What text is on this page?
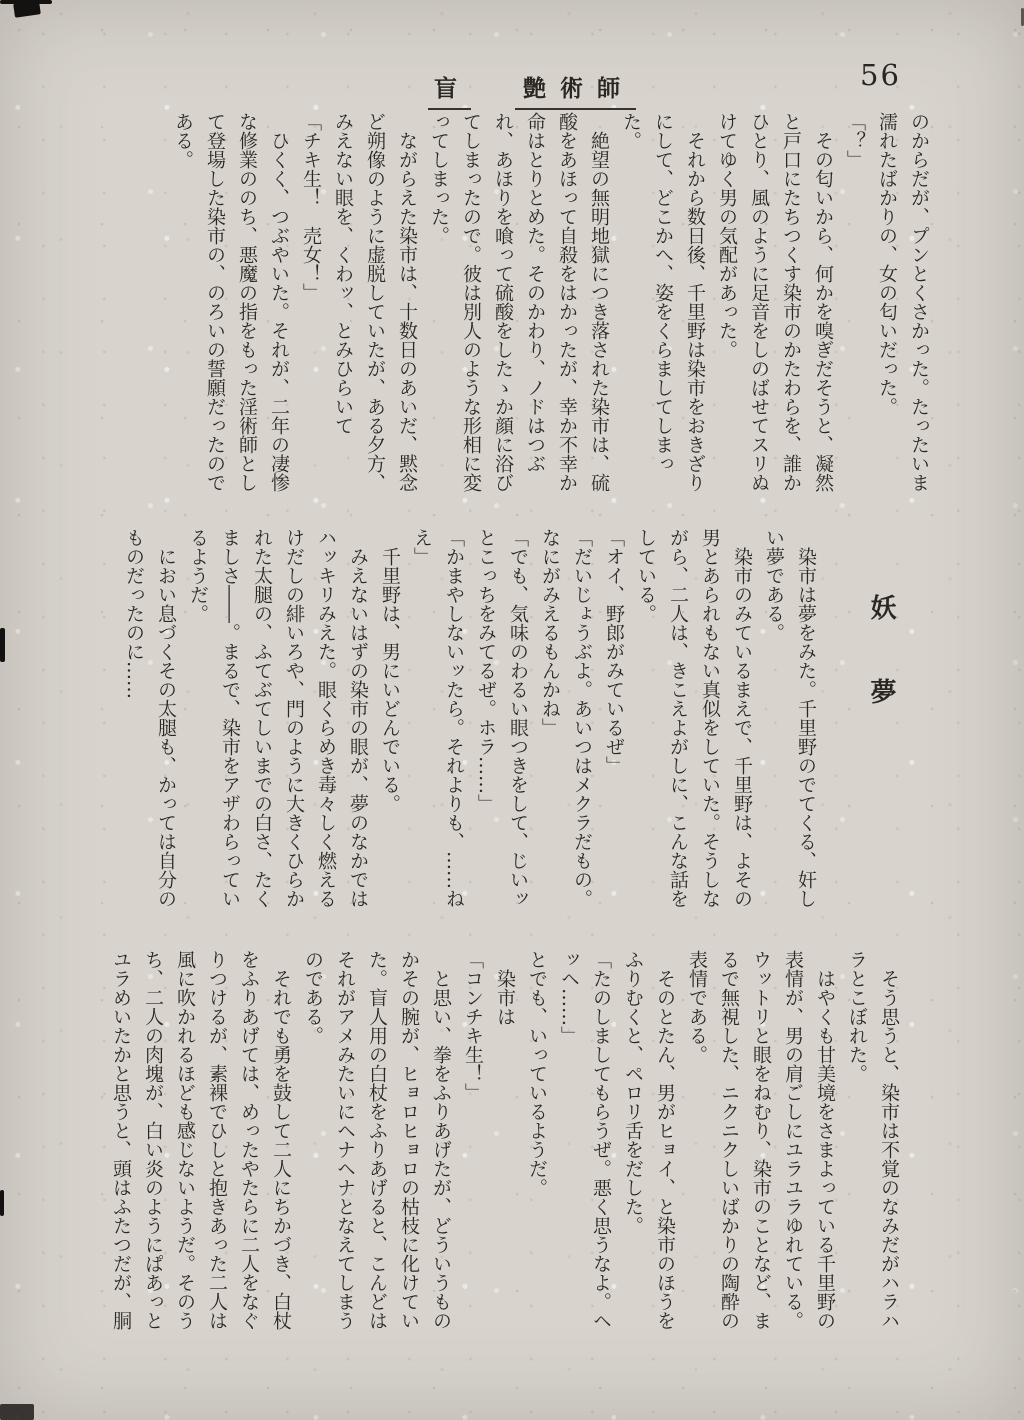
盲	艶術師	56
のからだが、プンとくさかった。たったいま
濡れたばかりの、女の匂いだった。
「？」
その匂いから、何かを嗅ぎだそうと、凝然
と戸口にたちつくす染市のかたわらを、誰か
ひとり、風のように足音をしのばせてスリぬ
けてゆく男の気配があった。
それから数日後、千里野は染市をおきざり
にして、どこかへ、姿をくらましてしまっ
た。
絶望の無明地獄につき落された染市は、硫
酸をあほって自殺をはかったが、幸か不幸か
命はとりとめた。そのかわり、ノドはつぶ
れ、あほりを喰って硫酸をしたゝか顔に浴び
てしまったので。彼は別人のような形相に変
ってしまった。
ながらえた染市は、十数日のあいだ、黙念
ど朔像のように虚脱していたが、ある夕方、
みえない眼を、くわッ、とみひらいて
「チキ生！　売女！」
ひくく、つぶやいた。それが、二年の凄惨
な修業ののち、悪魔の指をもった淫術師とし
て登場した染市の、のろいの誓願だったので
ある。
妖　夢
染市は夢をみた。千里野のでてくる、奸し
い夢である。
染市のみているまえで、千里野は、よその
男とあられもない真似をしていた。そうしな
がら、二人は、きこえよがしに、こんな話を
している。
「オイ、野郎がみているぜ」
「だいじょうぶよ。あいつはメクラだもの。
なにがみえるもんかね」
「でも、気味のわるい眼つきをして、じいッ
とこっちをみてるぜ。ホラ……」
「かまやしないッたら。それよりも、……ね
え」
千里野は、男にいどんでいる。
みえないはずの染市の眼が、夢のなかでは
ハッキリみえた。眼くらめき毒々しく燃える
けだしの緋いろや、門のように大きくひらか
れた太腿の、ふてぶてしいまでの白さ、たく
ましさ――。まるで、染市をアザわらってい
るようだ。
におい息づくその太腿も、かっては自分の
ものだったのに……
そう思うと、染市は不覚のなみだがハラハ
ラとこぼれた。
はやくも甘美境をさまよっている千里野の
表情が、男の肩ごしにユラユラゆれている。
ウットリと眼をねむり、染市のことなど、ま
るで無視した、ニクニクしいばかりの陶酔の
表情である。
そのとたん、男がヒョイ、と染市のほうを
ふりむくと、ペロリ舌をだした。
「たのしましてもらうぜ。悪く思うなよ。ヘ
ッヘ……」
とでも、いっているようだ。
染市は
「コンチキ生！」
と思い、拳をふりあげたが、どういうもの
かその腕が、ヒョロヒョロの枯枝に化けてい
た。盲人用の白杖をふりあげると、こんどは
それがアメみたいにヘナヘナとなえてしまう
のである。
それでも勇を鼓して二人にちかづき、白杖
をふりあげては、めったやたらに二人をなぐ
りつけるが、素裸でひしと抱きあった二人は
風に吹かれるほども感じないようだ。そのう
ち、二人の肉塊が、白い炎のようにぱあっと
ユラめいたかと思うと、頭はふたつだが、胴
